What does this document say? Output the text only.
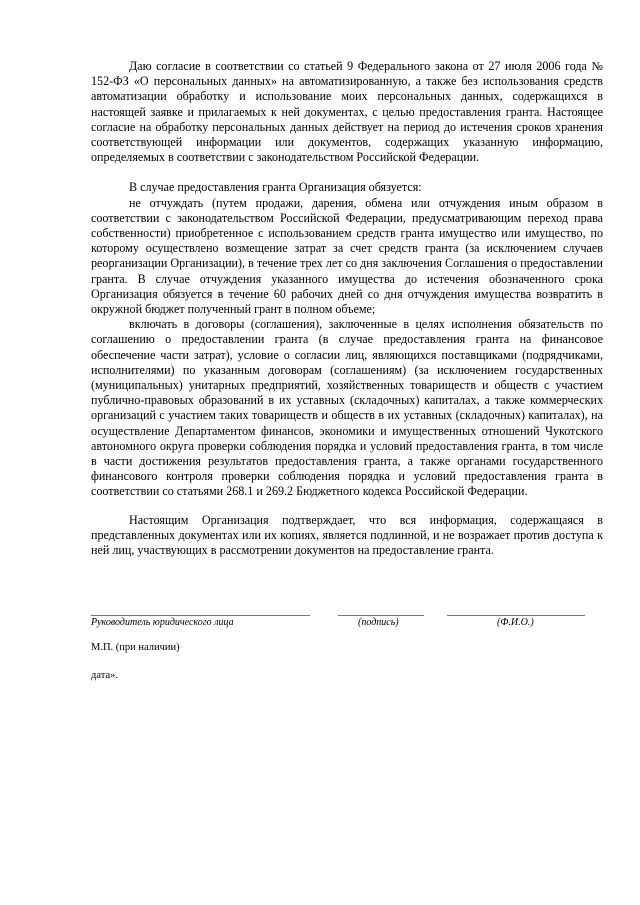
Даю согласие в соответствии со статьей 9 Федерального закона от 27 июля 2006 года № 152-ФЗ «О персональных данных» на автоматизированную, а также без использования средств автоматизации обработку и использование моих персональных данных, содержащихся в настоящей заявке и прилагаемых к ней документах, с целью предоставления гранта. Настоящее согласие на обработку персональных данных действует на период до истечения сроков хранения соответствующей информации или документов, содержащих указанную информацию, определяемых в соответствии с законодательством Российской Федерации.

В случае предоставления гранта Организация обязуется:

не отчуждать (путем продажи, дарения, обмена или отчуждения иным образом в соответствии с законодательством Российской Федерации, предусматривающим переход права собственности) приобретенное с использованием средств гранта имущество или имущество, по которому осуществлено возмещение затрат за счет средств гранта (за исключением случаев реорганизации Организации), в течение трех лет со дня заключения Соглашения о предоставлении гранта. В случае отчуждения указанного имущества до истечения обозначенного срока Организация обязуется в течение 60 рабочих дней со дня отчуждения имущества возвратить в окружной бюджет полученный грант в полном объеме;

включать в договоры (соглашения), заключенные в целях исполнения обязательств по соглашению о предоставлении гранта (в случае предоставления гранта на финансовое обеспечение части затрат), условие о согласии лиц, являющихся поставщиками (подрядчиками, исполнителями) по указанным договорам (соглашениям) (за исключением государственных (муниципальных) унитарных предприятий, хозяйственных товариществ и обществ с участием публично-правовых образований в их уставных (складочных) капиталах, а также коммерческих организаций с участием таких товариществ и обществ в их уставных (складочных) капиталах), на осуществление Департаментом финансов, экономики и имущественных отношений Чукотского автономного округа проверки соблюдения порядка и условий предоставления гранта, в том числе в части достижения результатов предоставления гранта, а также органами государственного финансового контроля проверки соблюдения порядка и условий предоставления гранта в соответствии со статьями 268.1 и 269.2 Бюджетного кодекса Российской Федерации.

Настоящим Организация подтверждает, что вся информация, содержащаяся в представленных документах или их копиях, является подлинной, и не возражает против доступа к ней лиц, участвующих в рассмотрении документов на предоставление гранта.

Руководитель юридического лица	(подпись)	(Ф.И.О.)
М.П. (при наличии)
дата».
